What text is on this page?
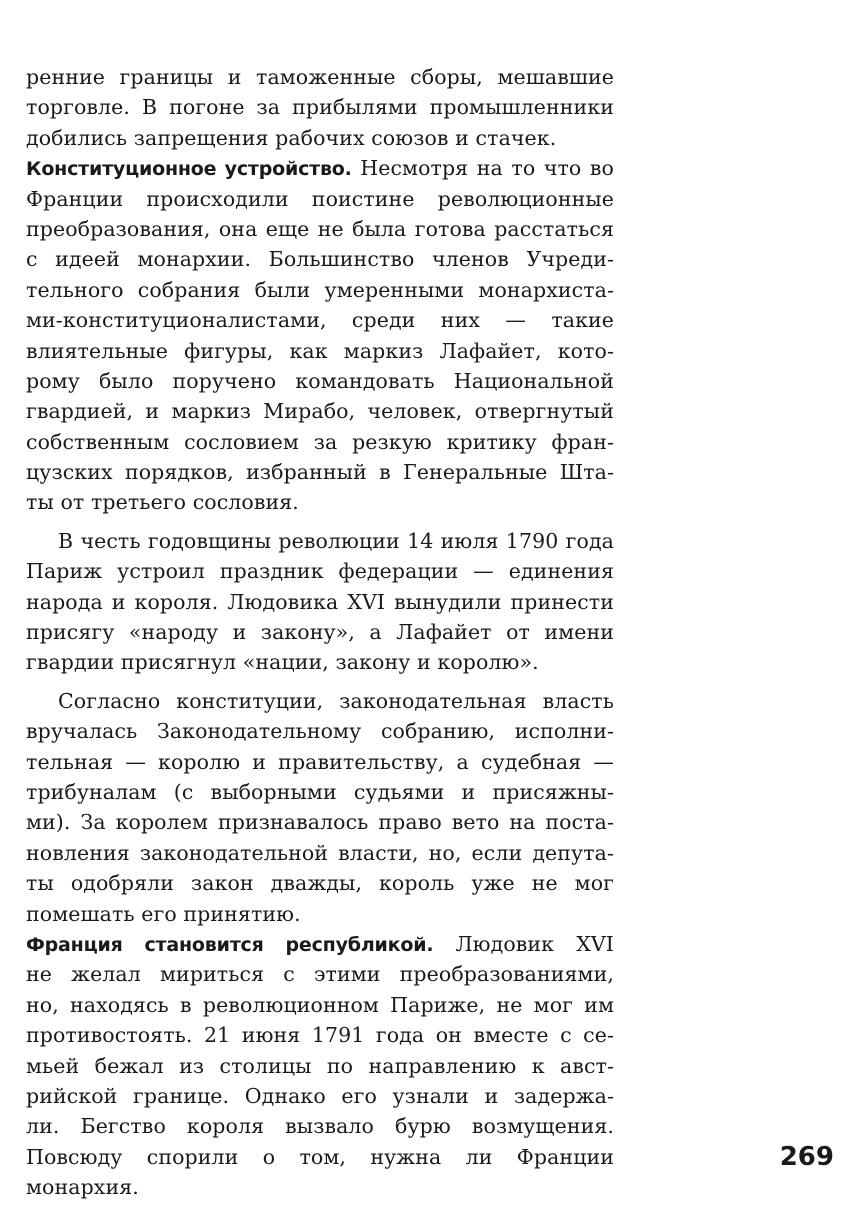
ренние границы и таможенные сборы, мешавшие
торговле. В погоне за прибылями промышленники
добились запрещения рабочих союзов и стачек.
Конституционное устройство. Несмотря на то что во
Франции происходили поистине революционные
преобразования, она еще не была готова расстаться
с идеей монархии. Большинство членов Учреди-
тельного собрания были умеренными монархиста-
ми-конституционалистами, среди них — такие
влиятельные фигуры, как маркиз Лафайет, кото-
рому было поручено командовать Национальной
гвардией, и маркиз Мирабо, человек, отвергнутый
собственным сословием за резкую критику фран-
цузских порядков, избранный в Генеральные Шта-
ты от третьего сословия.
В честь годовщины революции 14 июля 1790 года
Париж устроил праздник федерации — единения
народа и короля. Людовика XVI вынудили принести
присягу «народу и закону», а Лафайет от имени
гвардии присягнул «нации, закону и королю».
Согласно конституции, законодательная власть
вручалась Законодательному собранию, исполни-
тельная — королю и правительству, а судебная —
трибуналам (с выборными судьями и присяжны-
ми). За королем признавалось право вето на поста-
новления законодательной власти, но, если депута-
ты одобряли закон дважды, король уже не мог
помешать его принятию.
Франция становится республикой. Людовик XVI
не желал мириться с этими преобразованиями,
но, находясь в революционном Париже, не мог им
противостоять. 21 июня 1791 года он вместе с се-
мьей бежал из столицы по направлению к авст-
рийской границе. Однако его узнали и задержа-
ли. Бегство короля вызвало бурю возмущения.
Повсюду спорили о том, нужна ли Франции
монархия.
269
